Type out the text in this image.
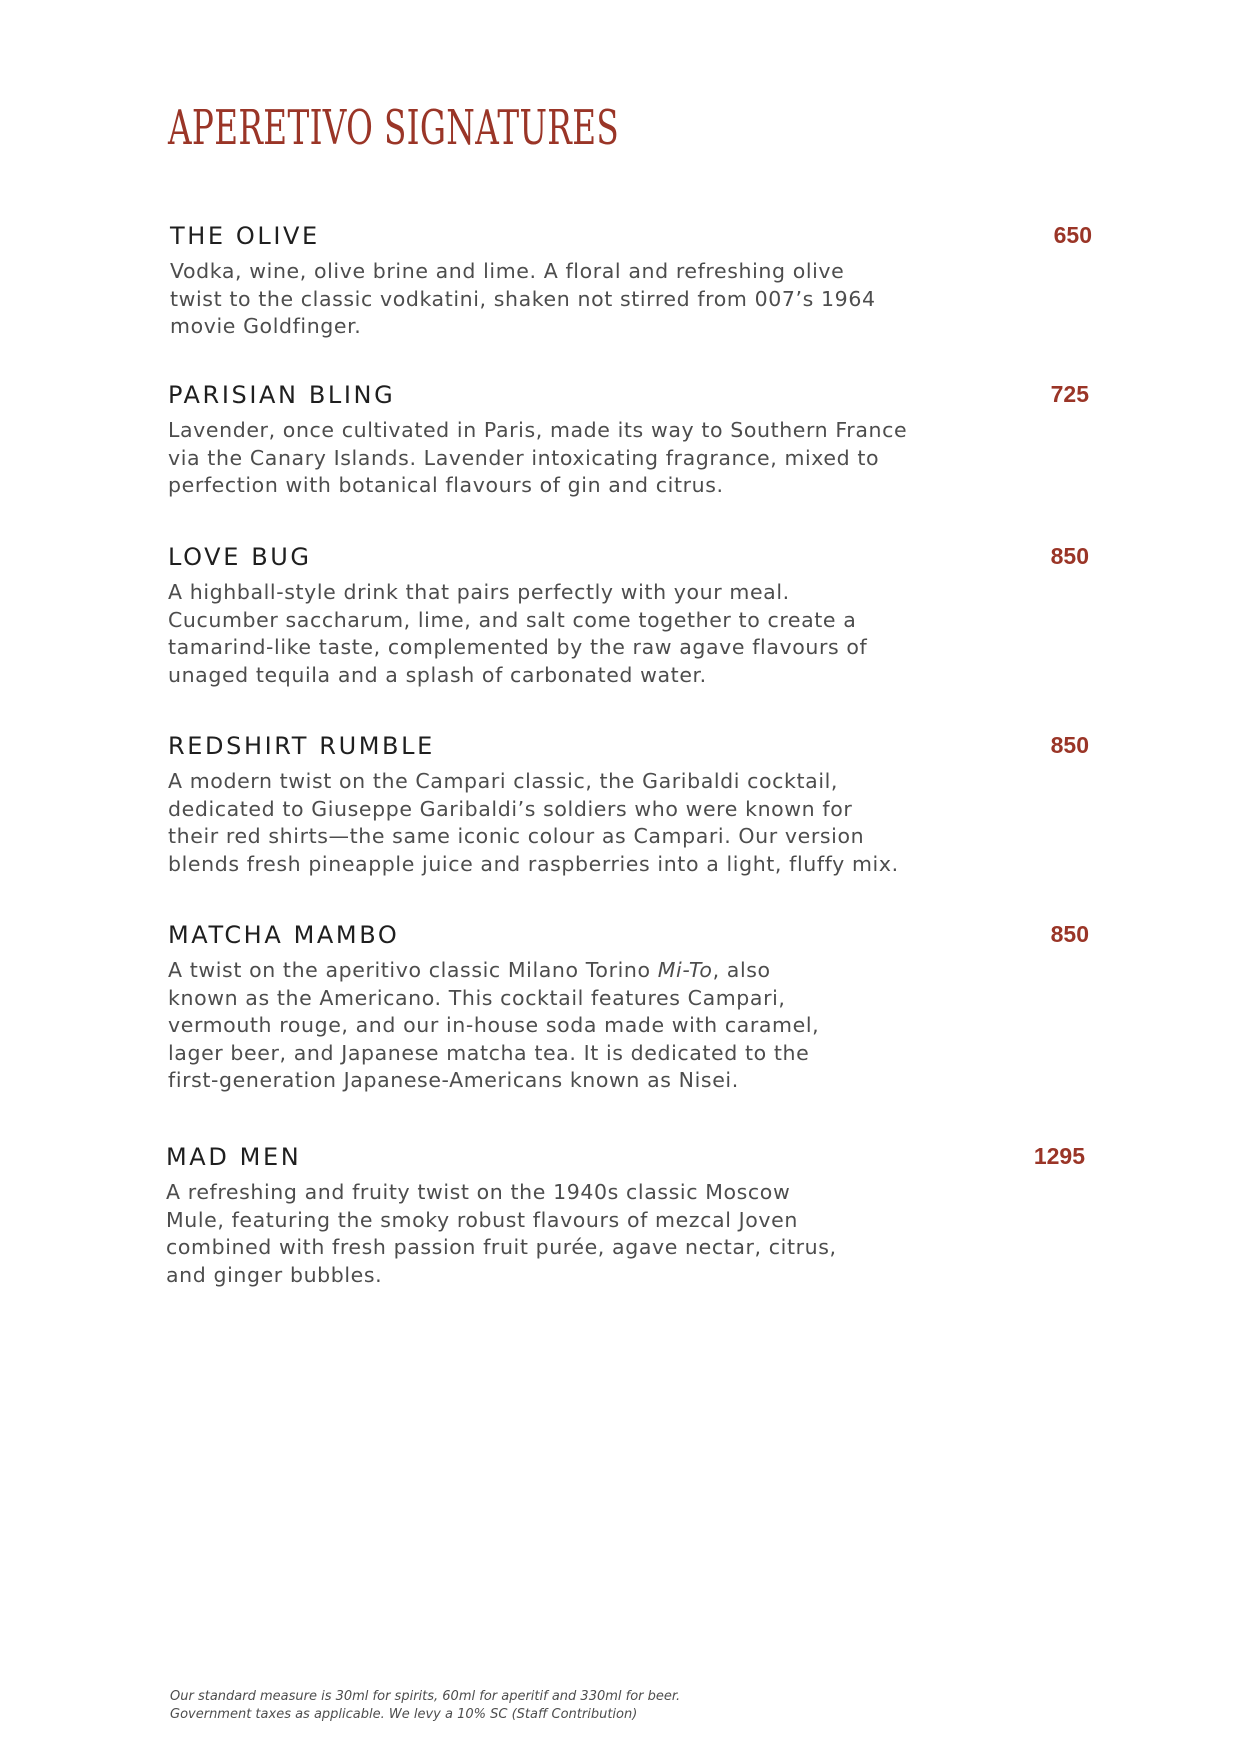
APERETIVO SIGNATURES
THE OLIVE	650

Vodka, wine, olive brine and lime. A floral and refreshing olive

twist to the classic vodkatini, shaken not stirred from 007’s 1964

movie Goldfinger.

PARISIAN BLING	725

Lavender, once cultivated in Paris, made its way to Southern France

via the Canary Islands. Lavender intoxicating fragrance, mixed to

perfection with botanical flavours of gin and citrus.

LOVE BUG	850

A highball-style drink that pairs perfectly with your meal.

Cucumber saccharum, lime, and salt come together to create a

tamarind-like taste, complemented by the raw agave flavours of

unaged tequila and a splash of carbonated water.

REDSHIRT RUMBLE	850

A modern twist on the Campari classic, the Garibaldi cocktail,

dedicated to Giuseppe Garibaldi’s soldiers who were known for

their red shirts—the same iconic colour as Campari. Our version

blends fresh pineapple juice and raspberries into a light, fluffy mix.

MATCHA MAMBO	850

A twist on the aperitivo classic Milano Torino Mi-To, also

known as the Americano. This cocktail features Campari,

vermouth rouge, and our in-house soda made with caramel,

lager beer, and Japanese matcha tea. It is dedicated to the

first-generation Japanese-Americans known as Nisei.

MAD MEN	1295

A refreshing and fruity twist on the 1940s classic Moscow

Mule, featuring the smoky robust flavours of mezcal Joven

combined with fresh passion fruit purée, agave nectar, citrus,

and ginger bubbles.

Our standard measure is 30ml for spirits, 60ml for aperitif and 330ml for beer.

Government taxes as applicable. We levy a 10% SC (Staff Contribution)
